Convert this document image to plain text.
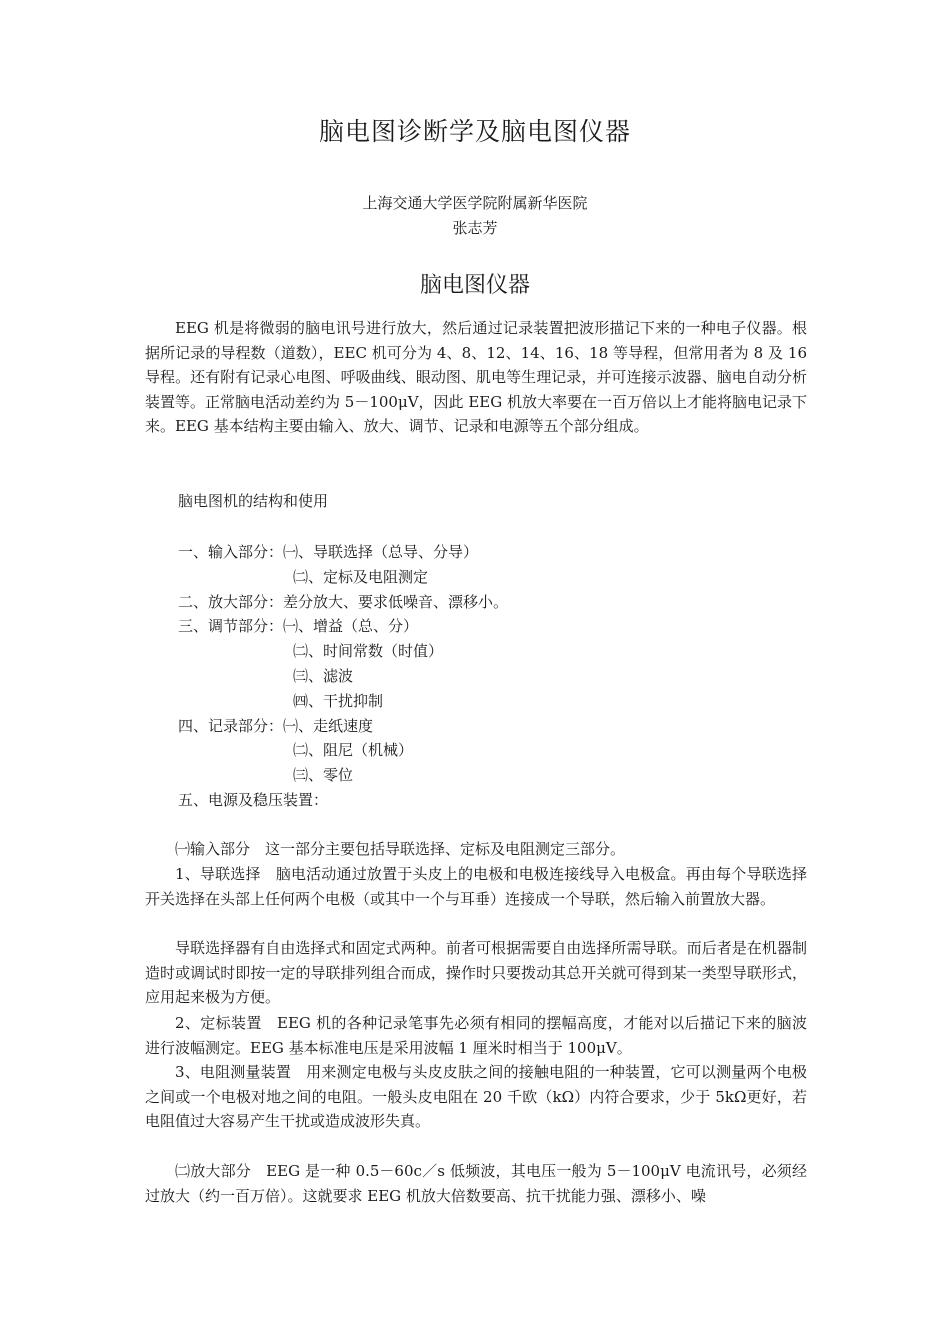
脑电图诊断学及脑电图仪器
上海交通大学医学院附属新华医院
张志芳
脑电图仪器

EEG 机是将微弱的脑电讯号进行放大，然后通过记录装置把波形描记下来的一种电子仪器。根据所记录的导程数（道数），EEC 机可分为 4、8、12、14、16、18 等导程，但常用者为 8 及 16 导程。还有附有记录心电图、呼吸曲线、眼动图、肌电等生理记录，并可连接示波器、脑电自动分析装置等。正常脑电活动差约为 5－100μV，因此 EEG 机放大率要在一百万倍以上才能将脑电记录下来。EEG 基本结构主要由输入、放大、调节、记录和电源等五个部分组成。

脑电图机的结构和使用
一、输入部分：㈠、导联选择（总导、分导）
㈡、定标及电阻测定
二、放大部分：差分放大、要求低噪音、漂移小。
三、调节部分：㈠、增益（总、分）
㈡、时间常数（时值）
㈢、滤波
㈣、干扰抑制
四、记录部分：㈠、走纸速度
㈡、阻尼（机械）
㈢、零位
五、电源及稳压装置：

㈠输入部分　这一部分主要包括导联选择、定标及电阻测定三部分。

1、导联选择　脑电活动通过放置于头皮上的电极和电极连接线导入电极盒。再由每个导联选择开关选择在头部上任何两个电极（或其中一个与耳垂）连接成一个导联，然后输入前置放大器。

导联选择器有自由选择式和固定式两种。前者可根据需要自由选择所需导联。而后者是在机器制造时或调试时即按一定的导联排列组合而成，操作时只要拨动其总开关就可得到某一类型导联形式，应用起来极为方便。

2、定标装置　EEG 机的各种记录笔事先必须有相同的摆幅高度，才能对以后描记下来的脑波进行波幅测定。EEG 基本标准电压是采用波幅 1 厘米时相当于 100μV。

3、电阻测量装置　用来测定电极与头皮皮肤之间的接触电阻的一种装置，它可以测量两个电极之间或一个电极对地之间的电阻。一般头皮电阻在 20 千欧（kΩ）内符合要求，少于 5kΩ更好，若电阻值过大容易产生干扰或造成波形失真。

㈡放大部分　EEG 是一种 0.5－60c／s 低频波，其电压一般为 5－100μV 电流讯号，必须经过放大（约一百万倍）。这就要求 EEG 机放大倍数要高、抗干扰能力强、漂移小、噪
